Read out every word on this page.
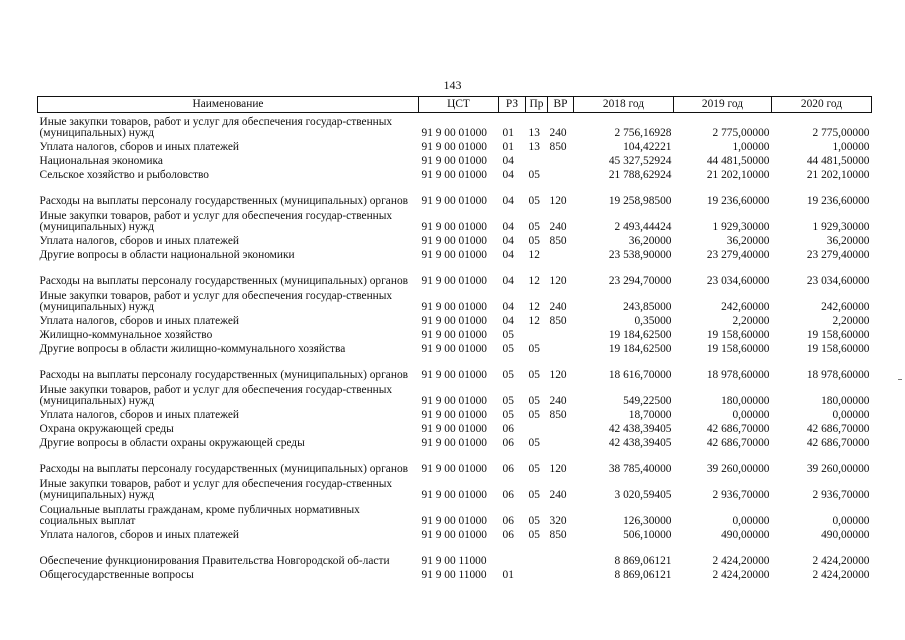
143
Наименование	ЦСТ	РЗ	Пр	ВР	2018 год	2019 год	2020 год
Иные закупки товаров, работ и услуг для обеспечения государ-ственных (муниципальных) нужд	91 9 00 01000	01	13	240	2 756,16928	2 775,00000	2 775,00000
Уплата налогов, сборов и иных платежей	91 9 00 01000	01	13	850	104,42221	1,00000	1,00000
Национальная экономика	91 9 00 01000	04			45 327,52924	44 481,50000	44 481,50000
Сельское хозяйство и рыболовство	91 9 00 01000	04	05		21 788,62924	21 202,10000	21 202,10000
Расходы на выплаты персоналу государственных (муниципальных) органов	91 9 00 01000	04	05	120	19 258,98500	19 236,60000	19 236,60000
Иные закупки товаров, работ и услуг для обеспечения государ-ственных (муниципальных) нужд	91 9 00 01000	04	05	240	2 493,44424	1 929,30000	1 929,30000
Уплата налогов, сборов и иных платежей	91 9 00 01000	04	05	850	36,20000	36,20000	36,20000
Другие вопросы в области национальной экономики	91 9 00 01000	04	12		23 538,90000	23 279,40000	23 279,40000
Расходы на выплаты персоналу государственных (муниципальных) органов	91 9 00 01000	04	12	120	23 294,70000	23 034,60000	23 034,60000
Иные закупки товаров, работ и услуг для обеспечения государ-ственных (муниципальных) нужд	91 9 00 01000	04	12	240	243,85000	242,60000	242,60000
Уплата налогов, сборов и иных платежей	91 9 00 01000	04	12	850	0,35000	2,20000	2,20000
Жилищно-коммунальное хозяйство	91 9 00 01000	05			19 184,62500	19 158,60000	19 158,60000
Другие вопросы в области жилищно-коммунального хозяйства	91 9 00 01000	05	05		19 184,62500	19 158,60000	19 158,60000
Расходы на выплаты персоналу государственных (муниципальных) органов	91 9 00 01000	05	05	120	18 616,70000	18 978,60000	18 978,60000
Иные закупки товаров, работ и услуг для обеспечения государ-ственных (муниципальных) нужд	91 9 00 01000	05	05	240	549,22500	180,00000	180,00000
Уплата налогов, сборов и иных платежей	91 9 00 01000	05	05	850	18,70000	0,00000	0,00000
Охрана окружающей среды	91 9 00 01000	06			42 438,39405	42 686,70000	42 686,70000
Другие вопросы в области охраны окружающей среды	91 9 00 01000	06	05		42 438,39405	42 686,70000	42 686,70000
Расходы на выплаты персоналу государственных (муниципальных) органов	91 9 00 01000	06	05	120	38 785,40000	39 260,00000	39 260,00000
Иные закупки товаров, работ и услуг для обеспечения государ-ственных (муниципальных) нужд	91 9 00 01000	06	05	240	3 020,59405	2 936,70000	2 936,70000
Социальные выплаты гражданам, кроме публичных нормативных социальных выплат	91 9 00 01000	06	05	320	126,30000	0,00000	0,00000
Уплата налогов, сборов и иных платежей	91 9 00 01000	06	05	850	506,10000	490,00000	490,00000
Обеспечение функционирования Правительства Новгородской об-ласти	91 9 00 11000				8 869,06121	2 424,20000	2 424,20000
Общегосударственные вопросы	91 9 00 11000	01			8 869,06121	2 424,20000	2 424,20000
